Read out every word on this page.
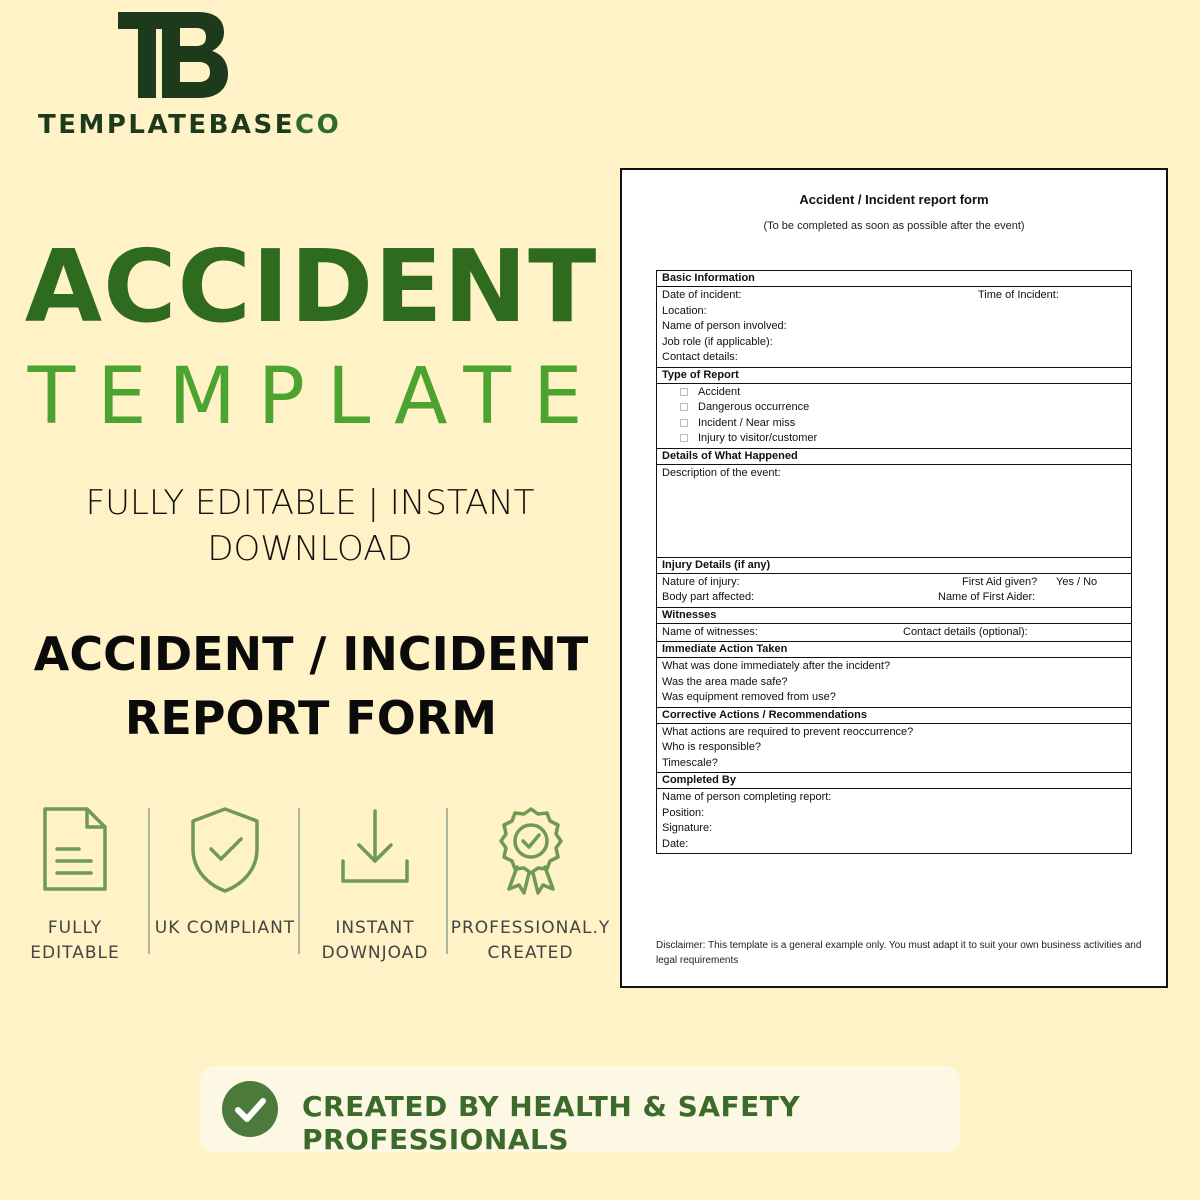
TEMPLATEBASECO
ACCIDENT
TEMPLATE
FULLY EDITABLE | INSTANT DOWNLOAD
ACCIDENT / INCIDENT REPORT FORM
FULLY EDITABLE
UK COMPLIANT	INSTANT DOWNJOAD
PROFESSIONAL.Y CREATED
Accident / Incident report form
(To be completed as soon as possible after the event)
Basic Information
Date of incident:	Time of Incident:
Location:
Name of person involved:
Job role (if applicable):
Contact details:
Type of Report
Accident
Dangerous occurrence
Incident / Near miss
Injury to visitor/customer
Details of What Happened
Description of the event:
Injury Details (if any)
Nature of injury:	First Aid given? Yes / No
Body part affected:	Name of First Aider:
Witnesses
Name of witnesses:	Contact details (optional):
Immediate Action Taken
What was done immediately after the incident?
Was the area made safe?
Was equipment removed from use?
Corrective Actions / Recommendations
What actions are required to prevent reoccurrence?
Who is responsible?
Timescale?
Completed By
Name of person completing report:
Position:
Signature:
Date:
Disclaimer: This template is a general example only. You must adapt it to suit your own business activities and legal requirements
CREATED BY HEALTH & SAFETY PROFESSIONALS
